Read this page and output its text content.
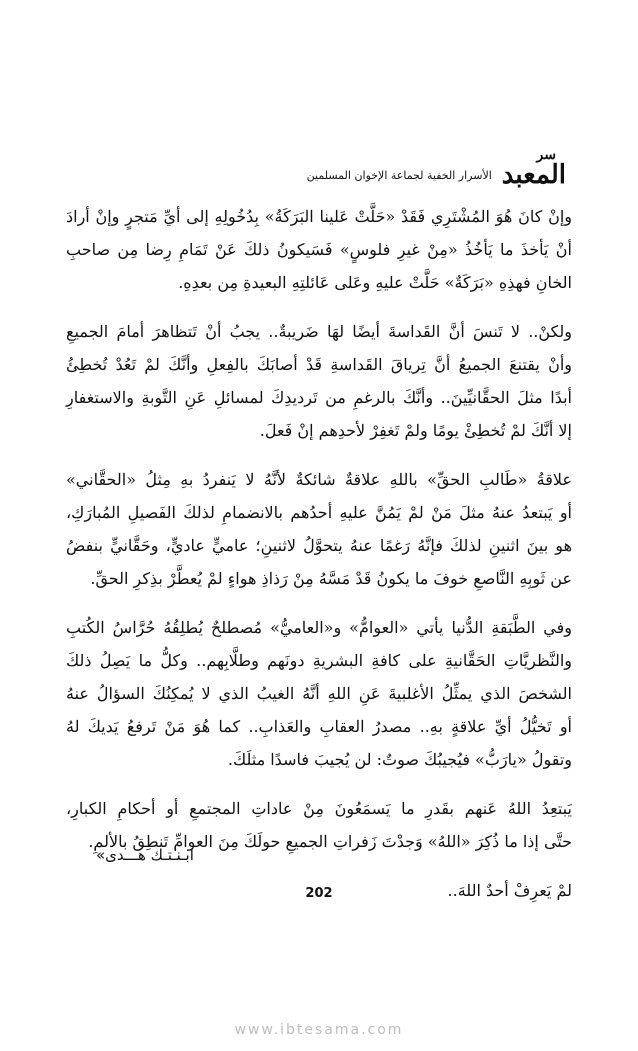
سر
المعبد
الأسرار الخفية لجماعة الإخوان المسلمين

وإنْ كانَ هُوَ المُشْتَرِي فَقَدْ «حَلَّتْ عَلينا البَرَكَةُ» بِدُخُولِهِ إلى أيِّ مَتجرٍ وإنْ أرادَ
أنْ يَأخذَ ما يَأخُذُ «مِنْ غيرِ فلوسٍ» فَسَيكونُ ذلكَ عَنْ تَمَامِ رِضا مِن صاحبِ
الخانِ فهذِهِ «بَرَكَةٌ» حَلَّتْ عليهِ وعَلى عَائلتِهِ البعيدةِ مِن بعدِهِ.

ولكنْ.. لا تَنسَ أنَّ القَداسةَ أيضًا لهَا ضَريبةٌ.. يجبُ أنْ تَتظاهرَ أمامَ الجميعِ
وأنْ يقتنعَ الجميعُ أنَّ تِرياقَ القَداسةِ قَدْ أصابَكَ بالفِعلِ وأنَّكَ لمْ تَعُدْ تُخطِئُ
أبدًا مثلَ الحقَّانيِّينَ.. وأنَّكَ بالرغمِ من تَرديدِكَ لمسائلِ عَنِ التَّوبةِ والاستغفارِ
إلا أنَّكَ لمْ تُخطِئْ يومًا ولمْ تَغفِرْ لأحدِهم إنْ فَعلَ.

علاقةُ «طَالبِ الحقِّ» باللهِ علاقةٌ شائكةٌ لأنَّهُ لا يَنفردُ بهِ مِثلُ «الحقَّاني»
أو يَبتعدُ عنهُ مثلَ مَنْ لمْ يَمُنَّ عليهِ أحدُهم بالانضمامِ لذلكَ الفَصيلِ المُبارَكِ،
هو بينَ اثنينِ لذلكَ فإنَّهُ رَغمًا عنهُ يتحوَّلُ لاثنينِ؛ عاميٍّ عاديٍّ، وحَقَّانيٍّ بنفضُ
عن ثَوبِهِ النَّاصعِ خوفَ ما يكونُ قَدْ مَسَّهُ مِنْ رَذاذِ هواءٍ لمْ يُعطَّرْ بذِكرِ الحقِّ.

وفي الطَّبَقةِ الدُّنيا يأتي «العوامُّ» و«العاميُّ» مُصطلحٌ يُطلِقُهُ حُرَّاسُ الكُتبِ
والنَّظريَّاتِ الحَقَّانيةِ على كافةِ البشريةِ دونَهم وطلَّابِهم.. وكلُّ ما يَصِلُ ذلكَ
الشخصَ الذي يمثِّلُ الأغلبيةَ عَنِ اللهِ أنَّهُ الغيبُ الذي لا يُمكِنُكَ السؤالُ عنهُ
أو تَخيُّلُ أيِّ علاقةٍ بهِ.. مصدرُ العقابِ والعَذابِ.. كما هُوَ مَنْ تَرفعُ يَديكَ لهُ
وتقولُ «يارَبُّ» فيُجيبُكَ صوتٌ: لن يُجيبَ فاسدًا مثلَكَ.

يَبتعِدُ اللهُ عَنهم بقَدرِ ما يَسمَعُونَ مِنْ عاداتِ المجتمعِ أو أحكامِ الكبارِ،
حتَّى إذا ما ذُكِرَ «اللهُ» وَجدْتَ زَفراتِ الجميعِ حولَكَ مِنَ العوامِّ تَنطِقُ بالألمِ.

لمْ يَعرِفْ أحدٌ اللهَ..

ابـنـتـك هـــدى»
202
www.ibtesama.com
